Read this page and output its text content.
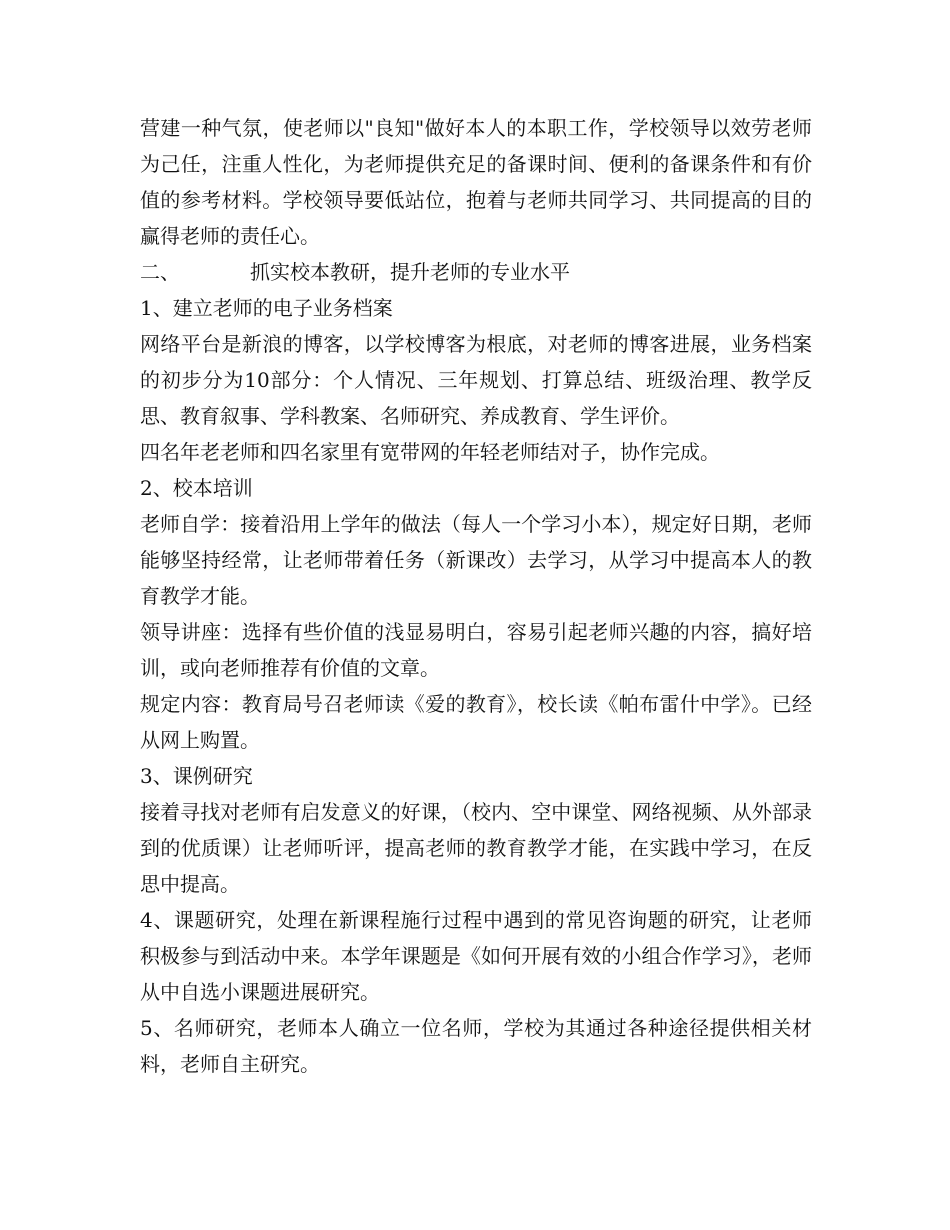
营建一种气氛，使老师以"良知"做好本人的本职工作，学校领导以效劳老师为己任，注重人性化，为老师提供充足的备课时间、便利的备课条件和有价值的参考材料。学校领导要低站位，抱着与老师共同学习、共同提高的目的赢得老师的责任心。

二、	抓实校本教研，提升老师的专业水平

1、建立老师的电子业务档案

网络平台是新浪的博客，以学校博客为根底，对老师的博客进展，业务档案的初步分为10部分：个人情况、三年规划、打算总结、班级治理、教学反思、教育叙事、学科教案、名师研究、养成教育、学生评价。

四名年老老师和四名家里有宽带网的年轻老师结对子，协作完成。

2、校本培训

老师自学：接着沿用上学年的做法（每人一个学习小本），规定好日期，老师能够坚持经常，让老师带着任务（新课改）去学习，从学习中提高本人的教育教学才能。

领导讲座：选择有些价值的浅显易明白，容易引起老师兴趣的内容，搞好培训，或向老师推荐有价值的文章。

规定内容：教育局号召老师读《爱的教育》，校长读《帕布雷什中学》。已经从网上购置。

3、课例研究

接着寻找对老师有启发意义的好课，（校内、空中课堂、网络视频、从外部录到的优质课）让老师听评，提高老师的教育教学才能，在实践中学习，在反思中提高。

4、课题研究，处理在新课程施行过程中遇到的常见咨询题的研究，让老师积极参与到活动中来。本学年课题是《如何开展有效的小组合作学习》，老师从中自选小课题进展研究。

5、名师研究，老师本人确立一位名师，学校为其通过各种途径提供相关材料，老师自主研究。
